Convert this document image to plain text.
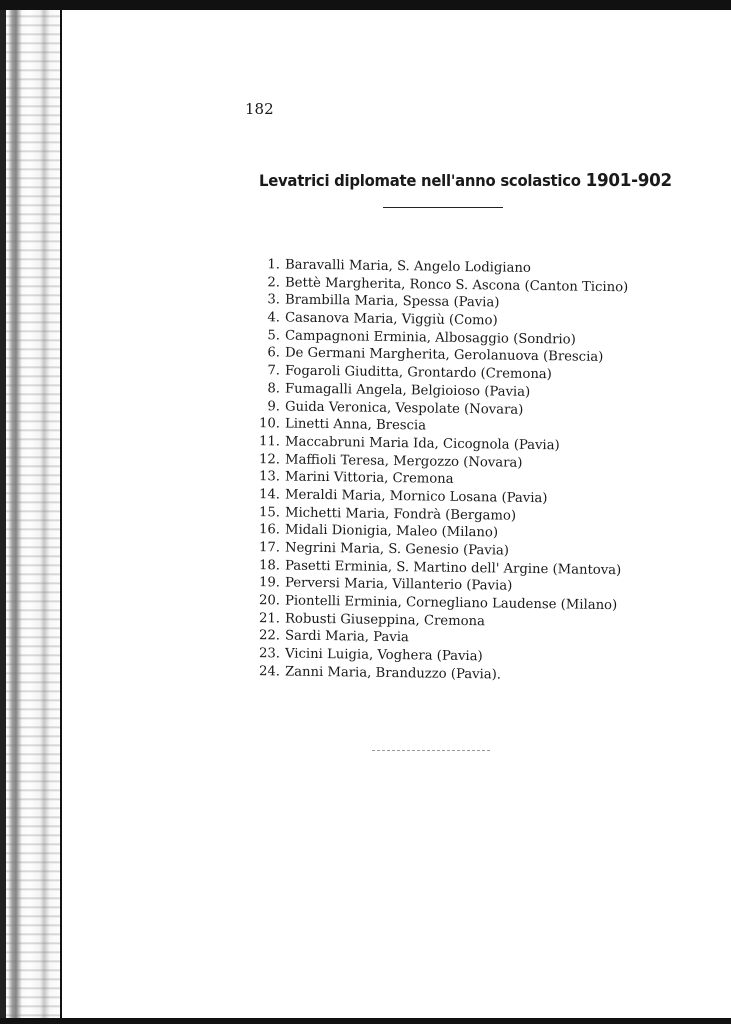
182
Levatrici diplomate nell'anno scolastico 1901-902
1. Baravalli Maria, S. Angelo Lodigiano
2. Bettè Margherita, Ronco S. Ascona (Canton Ticino)
3. Brambilla Maria, Spessa (Pavia)
4. Casanova Maria, Viggiù (Como)
5. Campagnoni Erminia, Albosaggio (Sondrio)
6. De Germani Margherita, Gerolanuova (Brescia)
7. Fogaroli Giuditta, Grontardo (Cremona)
8. Fumagalli Angela, Belgioioso (Pavia)
9. Guida Veronica, Vespolate (Novara)
10. Linetti Anna, Brescia
11. Maccabruni Maria Ida, Cicognola (Pavia)
12. Maffioli Teresa, Mergozzo (Novara)
13. Marini Vittoria, Cremona
14. Meraldi Maria, Mornico Losana (Pavia)
15. Michetti Maria, Fondrà (Bergamo)
16. Midali Dionigia, Maleo (Milano)
17. Negrini Maria, S. Genesio (Pavia)
18. Pasetti Erminia, S. Martino dell' Argine (Mantova)
19. Perversi Maria, Villanterio (Pavia)
20. Piontelli Erminia, Cornegliano Laudense (Milano)
21. Robusti Giuseppina, Cremona
22. Sardi Maria, Pavia
23. Vicini Luigia, Voghera (Pavia)
24. Zanni Maria, Branduzzo (Pavia).
